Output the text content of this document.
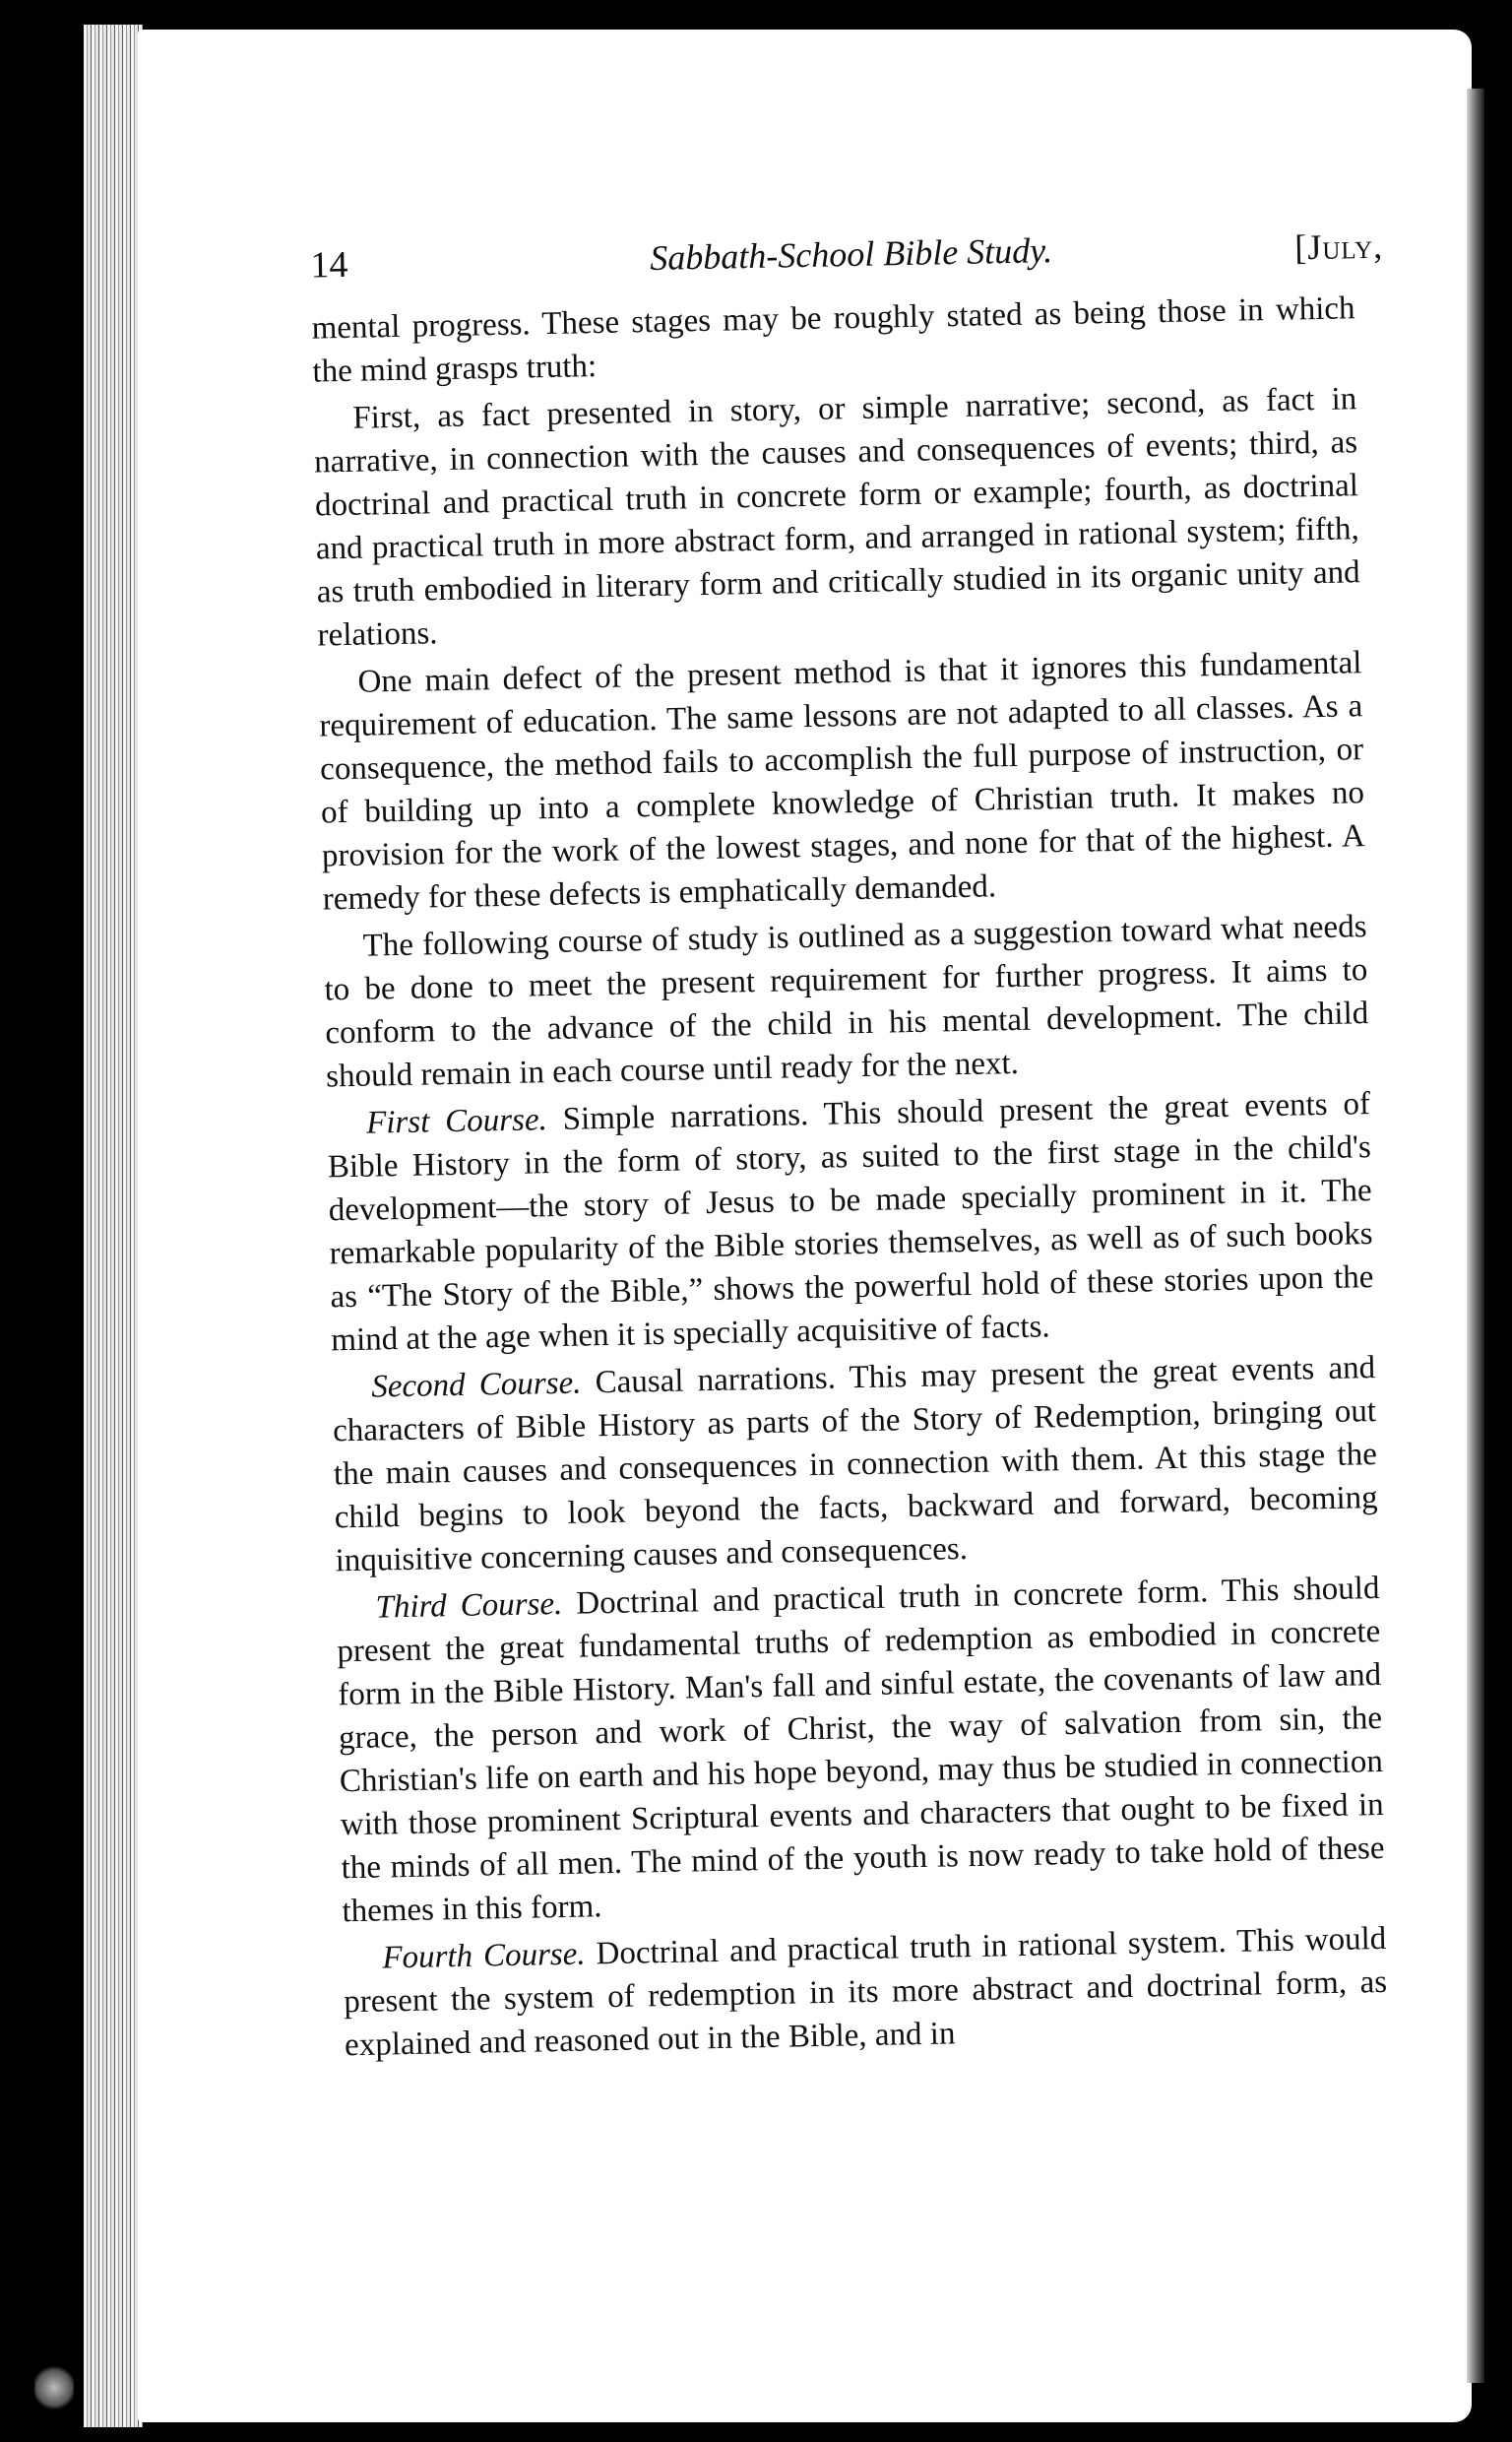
14	Sabbath-School Bible Study.	[July,

mental progress. These stages may be roughly stated as being those in which the mind grasps truth:

First, as fact presented in story, or simple narrative; second, as fact in narrative, in connection with the causes and consequences of events; third, as doctrinal and practical truth in concrete form or example; fourth, as doctrinal and practical truth in more abstract form, and arranged in rational system; fifth, as truth embodied in literary form and critically studied in its organic unity and relations.

One main defect of the present method is that it ignores this fundamental requirement of education. The same lessons are not adapted to all classes. As a consequence, the method fails to accomplish the full purpose of instruction, or of building up into a complete knowledge of Christian truth. It makes no provision for the work of the lowest stages, and none for that of the highest. A remedy for these defects is emphatically demanded.

The following course of study is outlined as a suggestion toward what needs to be done to meet the present requirement for further progress. It aims to conform to the advance of the child in his mental development. The child should remain in each course until ready for the next.

First Course. Simple narrations. This should present the great events of Bible History in the form of story, as suited to the first stage in the child's development—the story of Jesus to be made specially prominent in it. The remarkable popularity of the Bible stories themselves, as well as of such books as “The Story of the Bible,” shows the powerful hold of these stories upon the mind at the age when it is specially acquisitive of facts.

Second Course. Causal narrations. This may present the great events and characters of Bible History as parts of the Story of Redemption, bringing out the main causes and consequences in connection with them. At this stage the child begins to look beyond the facts, backward and forward, becoming inquisitive concerning causes and consequences.

Third Course. Doctrinal and practical truth in concrete form. This should present the great fundamental truths of redemption as embodied in concrete form in the Bible History. Man's fall and sinful estate, the covenants of law and grace, the person and work of Christ, the way of salvation from sin, the Christian's life on earth and his hope beyond, may thus be studied in connection with those prominent Scriptural events and characters that ought to be fixed in the minds of all men. The mind of the youth is now ready to take hold of these themes in this form.

Fourth Course. Doctrinal and practical truth in rational system. This would present the system of redemption in its more abstract and doctrinal form, as explained and reasoned out in the Bible, and in
